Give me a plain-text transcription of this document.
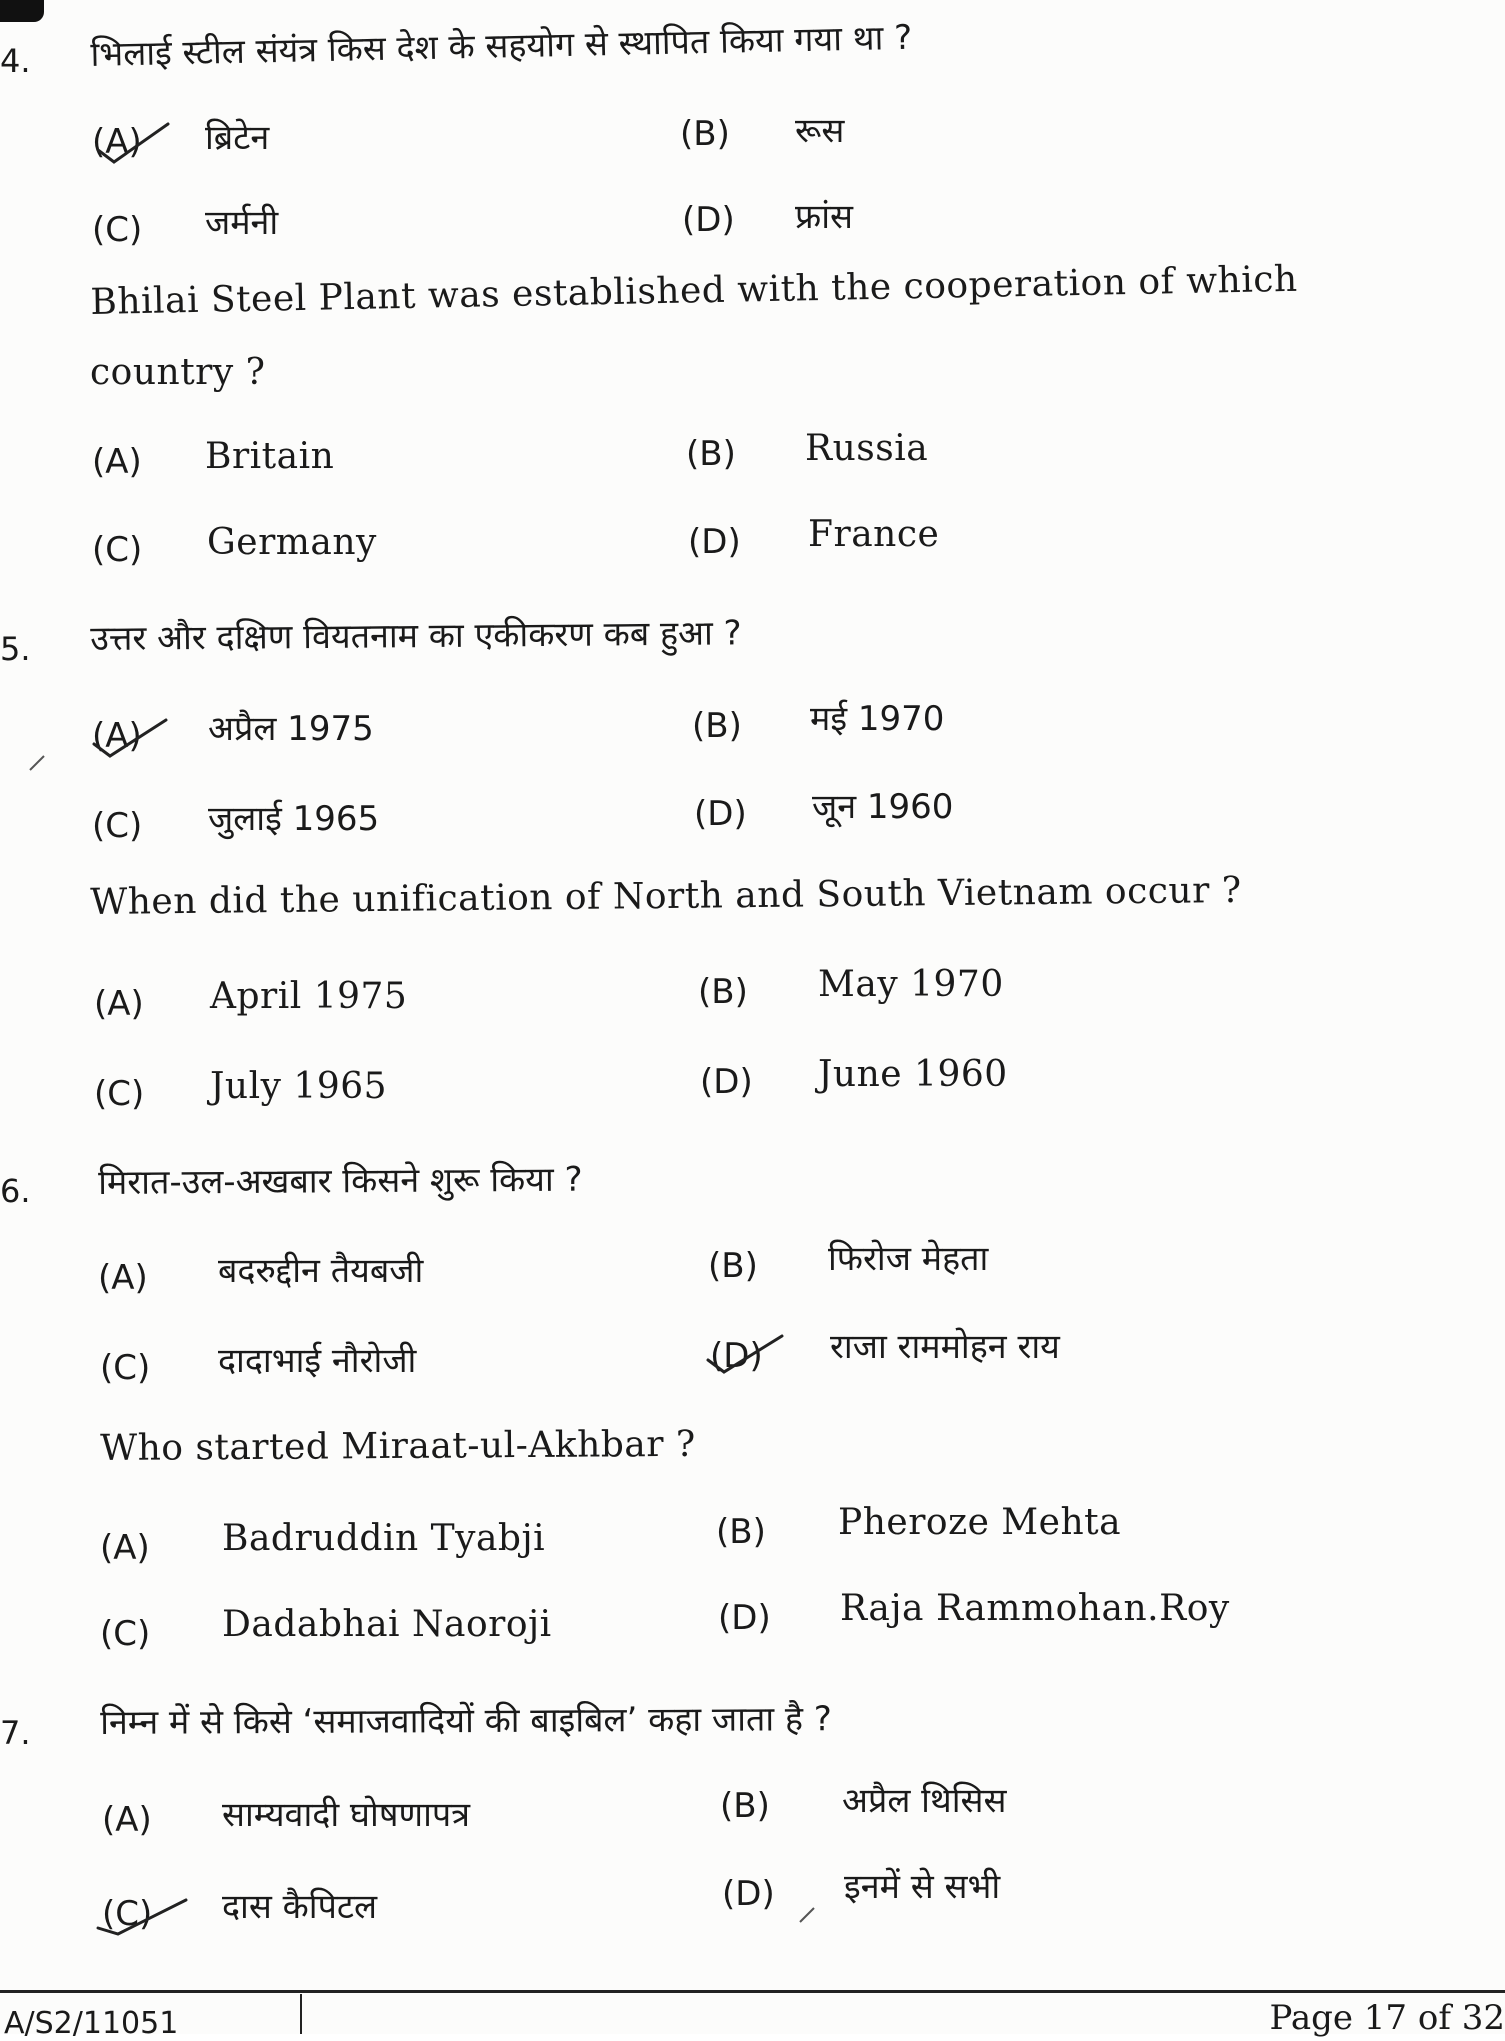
4. भिलाई स्टील संयंत्र किस देश के सहयोग से स्थापित किया गया था ?
(A) ब्रिटेन	(B) रूस
(C) जर्मनी	(D) फ्रांस
Bhilai Steel Plant was established with the cooperation of which
country ?
(A) Britain	(B) Russia
(C) Germany	(D) France
5. उत्तर और दक्षिण वियतनाम का एकीकरण कब हुआ ?
(A) अप्रैल 1975	(B) मई 1970
(C) जुलाई 1965	(D) जून 1960
When did the unification of North and South Vietnam occur ?
(A) April 1975	(B) May 1970
(C) July 1965	(D) June 1960
6. मिरात-उल-अखबार किसने शुरू किया ?
(A) बदरुद्दीन तैयबजी	(B) फिरोज मेहता
(C) दादाभाई नौरोजी	(D) राजा राममोहन राय
Who started Miraat-ul-Akhbar ?
(A) Badruddin Tyabji	(B) Pheroze Mehta
(C) Dadabhai Naoroji	(D) Raja Rammohan.Roy
7. निम्न में से किसे ‘समाजवादियों की बाइबिल’ कहा जाता है ?
(A) साम्यवादी घोषणापत्र	(B) अप्रैल थिसिस
(C) दास कैपिटल	(D) इनमें से सभी
A/S2/11051	Page 17 of 32
